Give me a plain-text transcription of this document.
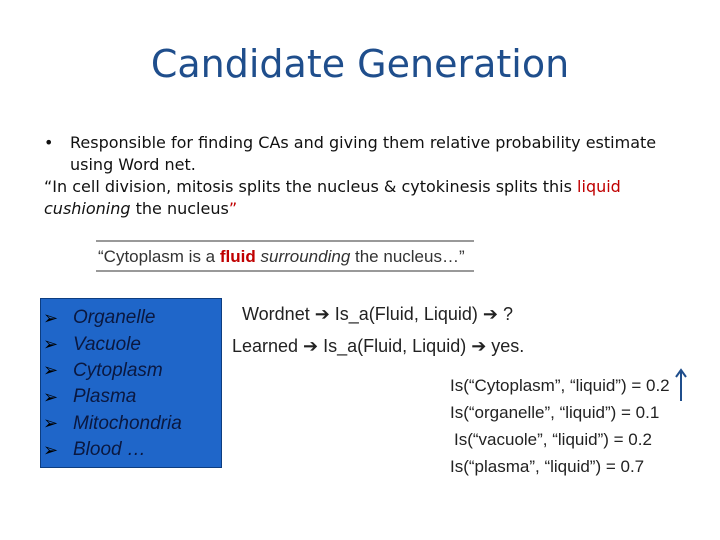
Candidate Generation
•	Responsible for finding CAs and giving them relative probability estimate using Word net.
“In cell division, mitosis splits the nucleus & cytokinesis splits this liquid
cushioning the nucleus”
“Cytoplasm is a fluid surrounding the nucleus…”
➢ Organelle
➢ Vacuole
➢ Cytoplasm
➢ Plasma
➢ Mitochondria
➢ Blood …
Wordnet ➔ Is_a(Fluid, Liquid) ➔ ?
Learned ➔ Is_a(Fluid, Liquid) ➔ yes.
Is(“Cytoplasm”, “liquid”) = 0.2
Is(“organelle”, “liquid”) = 0.1
Is(“vacuole”, “liquid”) = 0.2
Is(“plasma”, “liquid”) = 0.7
